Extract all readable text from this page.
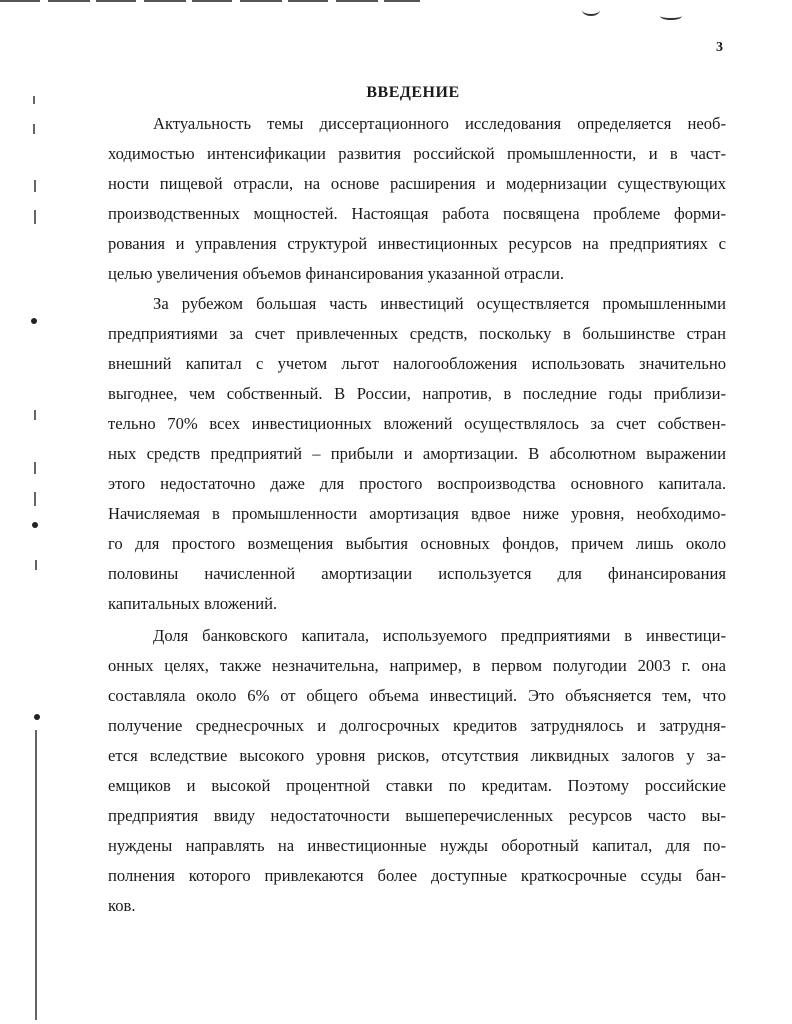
3
ВВЕДЕНИЕ
Актуальность темы диссертационного исследования определяется необ-
ходимостью интенсификации развития российской промышленности, и в част-
ности пищевой отрасли, на основе расширения и модернизации существующих
производственных мощностей. Настоящая работа посвящена проблеме форми-
рования и управления структурой инвестиционных ресурсов на предприятиях с
целью увеличения объемов финансирования указанной отрасли.
За рубежом большая часть инвестиций осуществляется промышленными
предприятиями за счет привлеченных средств, поскольку в большинстве стран
внешний капитал с учетом льгот налогообложения использовать значительно
выгоднее, чем собственный. В России, напротив, в последние годы приблизи-
тельно 70% всех инвестиционных вложений осуществлялось за счет собствен-
ных средств предприятий – прибыли и амортизации. В абсолютном выражении
этого недостаточно даже для простого воспроизводства основного капитала.
Начисляемая в промышленности амортизация вдвое ниже уровня, необходимо-
го для простого возмещения выбытия основных фондов, причем лишь около
половины начисленной амортизации используется для финансирования
капитальных вложений.
Доля банковского капитала, используемого предприятиями в инвестици-
онных целях, также незначительна, например, в первом полугодии 2003 г. она
составляла около 6% от общего объема инвестиций. Это объясняется тем, что
получение среднесрочных и долгосрочных кредитов затруднялось и затрудня-
ется вследствие высокого уровня рисков, отсутствия ликвидных залогов у за-
емщиков и высокой процентной ставки по кредитам. Поэтому российские
предприятия ввиду недостаточности вышеперечисленных ресурсов часто вы-
нуждены направлять на инвестиционные нужды оборотный капитал, для по-
полнения которого привлекаются более доступные краткосрочные ссуды бан-
ков.
